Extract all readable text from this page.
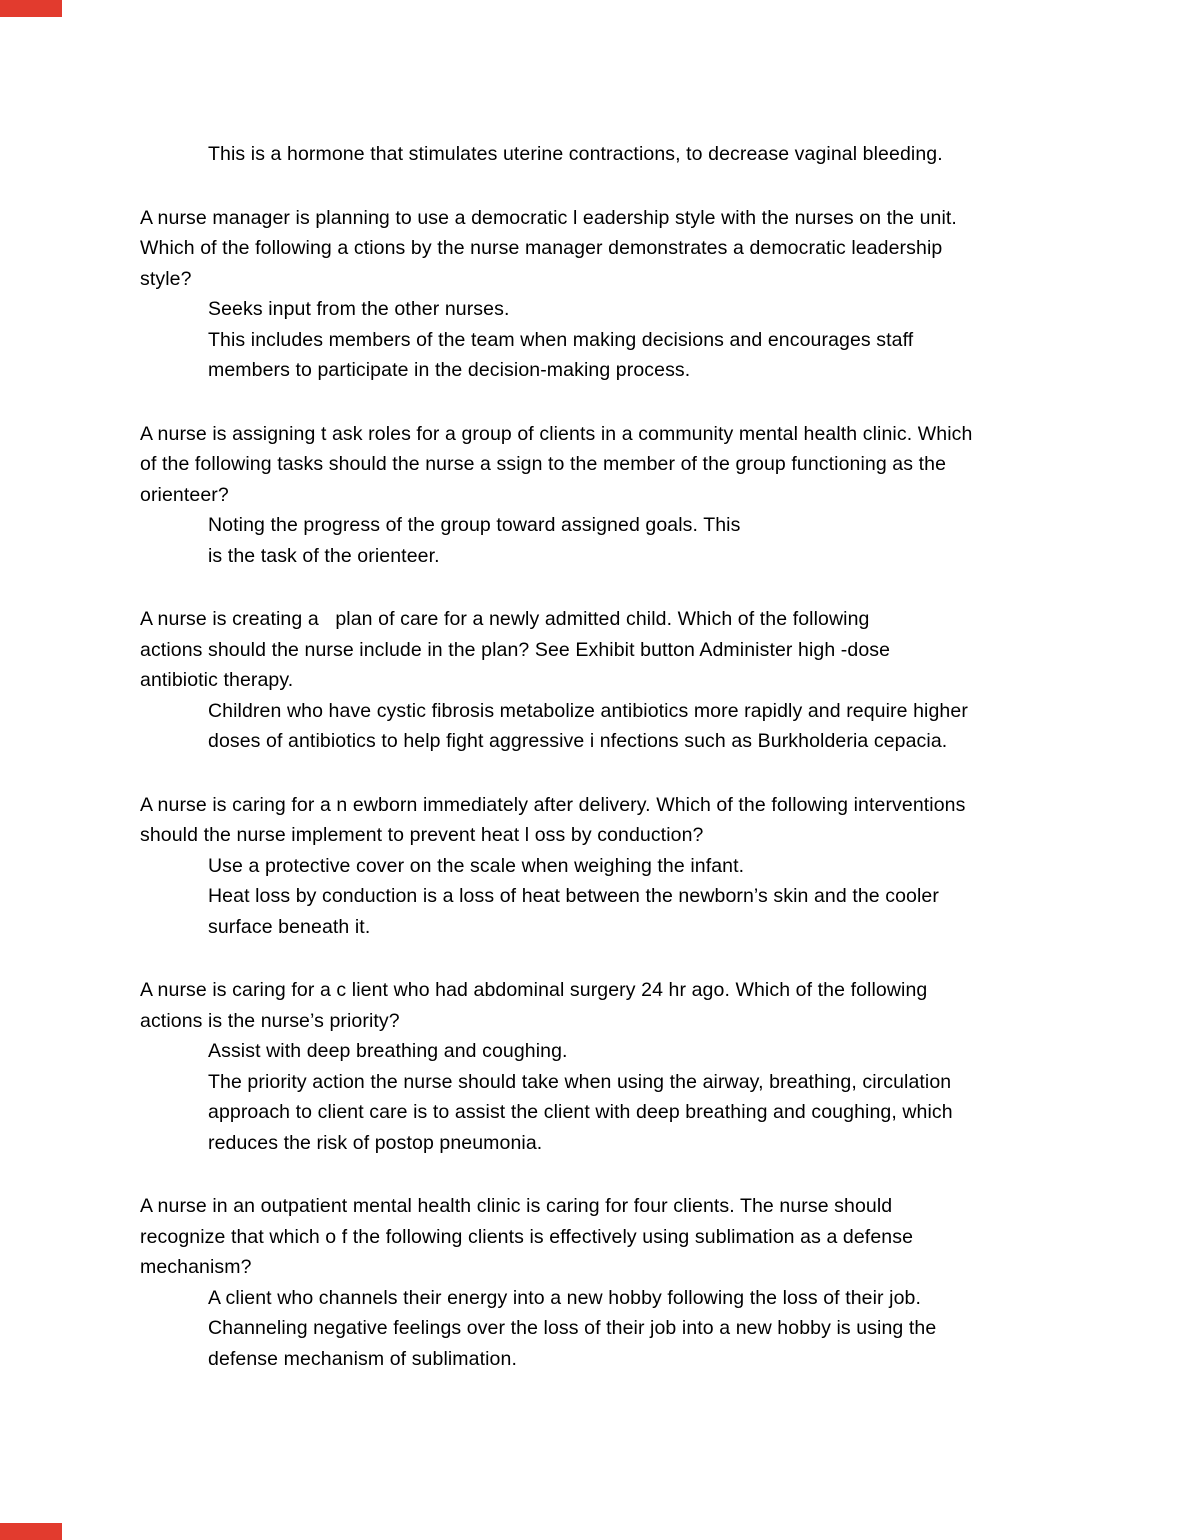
This is a hormone that stimulates uterine contractions, to decrease vaginal bleeding.
A nurse manager is planning to use a democratic l eadership style with the nurses on the unit.
Which of the following a ctions by the nurse manager demonstrates a democratic leadership
style?
Seeks input from the other nurses.
This includes members of the team when making decisions and encourages staff
members to participate in the decision-making process.
A nurse is assigning t ask roles for a group of clients in a community mental health clinic. Which
of the following tasks should the nurse a ssign to the member of the group functioning as the
orienteer?
Noting the progress of the group toward assigned goals. This
is the task of the orienteer.
A nurse is creating a   plan of care for a newly admitted child. Which of the following
actions should the nurse include in the plan? See Exhibit button Administer high -dose
antibiotic therapy.
Children who have cystic fibrosis metabolize antibiotics more rapidly and require higher
doses of antibiotics to help fight aggressive i nfections such as Burkholderia cepacia.
A nurse is caring for a n ewborn immediately after delivery. Which of the following interventions
should the nurse implement to prevent heat l oss by conduction?
Use a protective cover on the scale when weighing the infant.
Heat loss by conduction is a loss of heat between the newborn’s skin and the cooler
surface beneath it.
A nurse is caring for a c lient who had abdominal surgery 24 hr ago. Which of the following
actions is the nurse’s priority?
Assist with deep breathing and coughing.
The priority action the nurse should take when using the airway, breathing, circulation
approach to client care is to assist the client with deep breathing and coughing, which
reduces the risk of postop pneumonia.
A nurse in an outpatient mental health clinic is caring for four clients. The nurse should
recognize that which o f the following clients is effectively using sublimation as a defense
mechanism?
A client who channels their energy into a new hobby following the loss of their job.
Channeling negative feelings over the loss of their job into a new hobby is using the
defense mechanism of sublimation.
